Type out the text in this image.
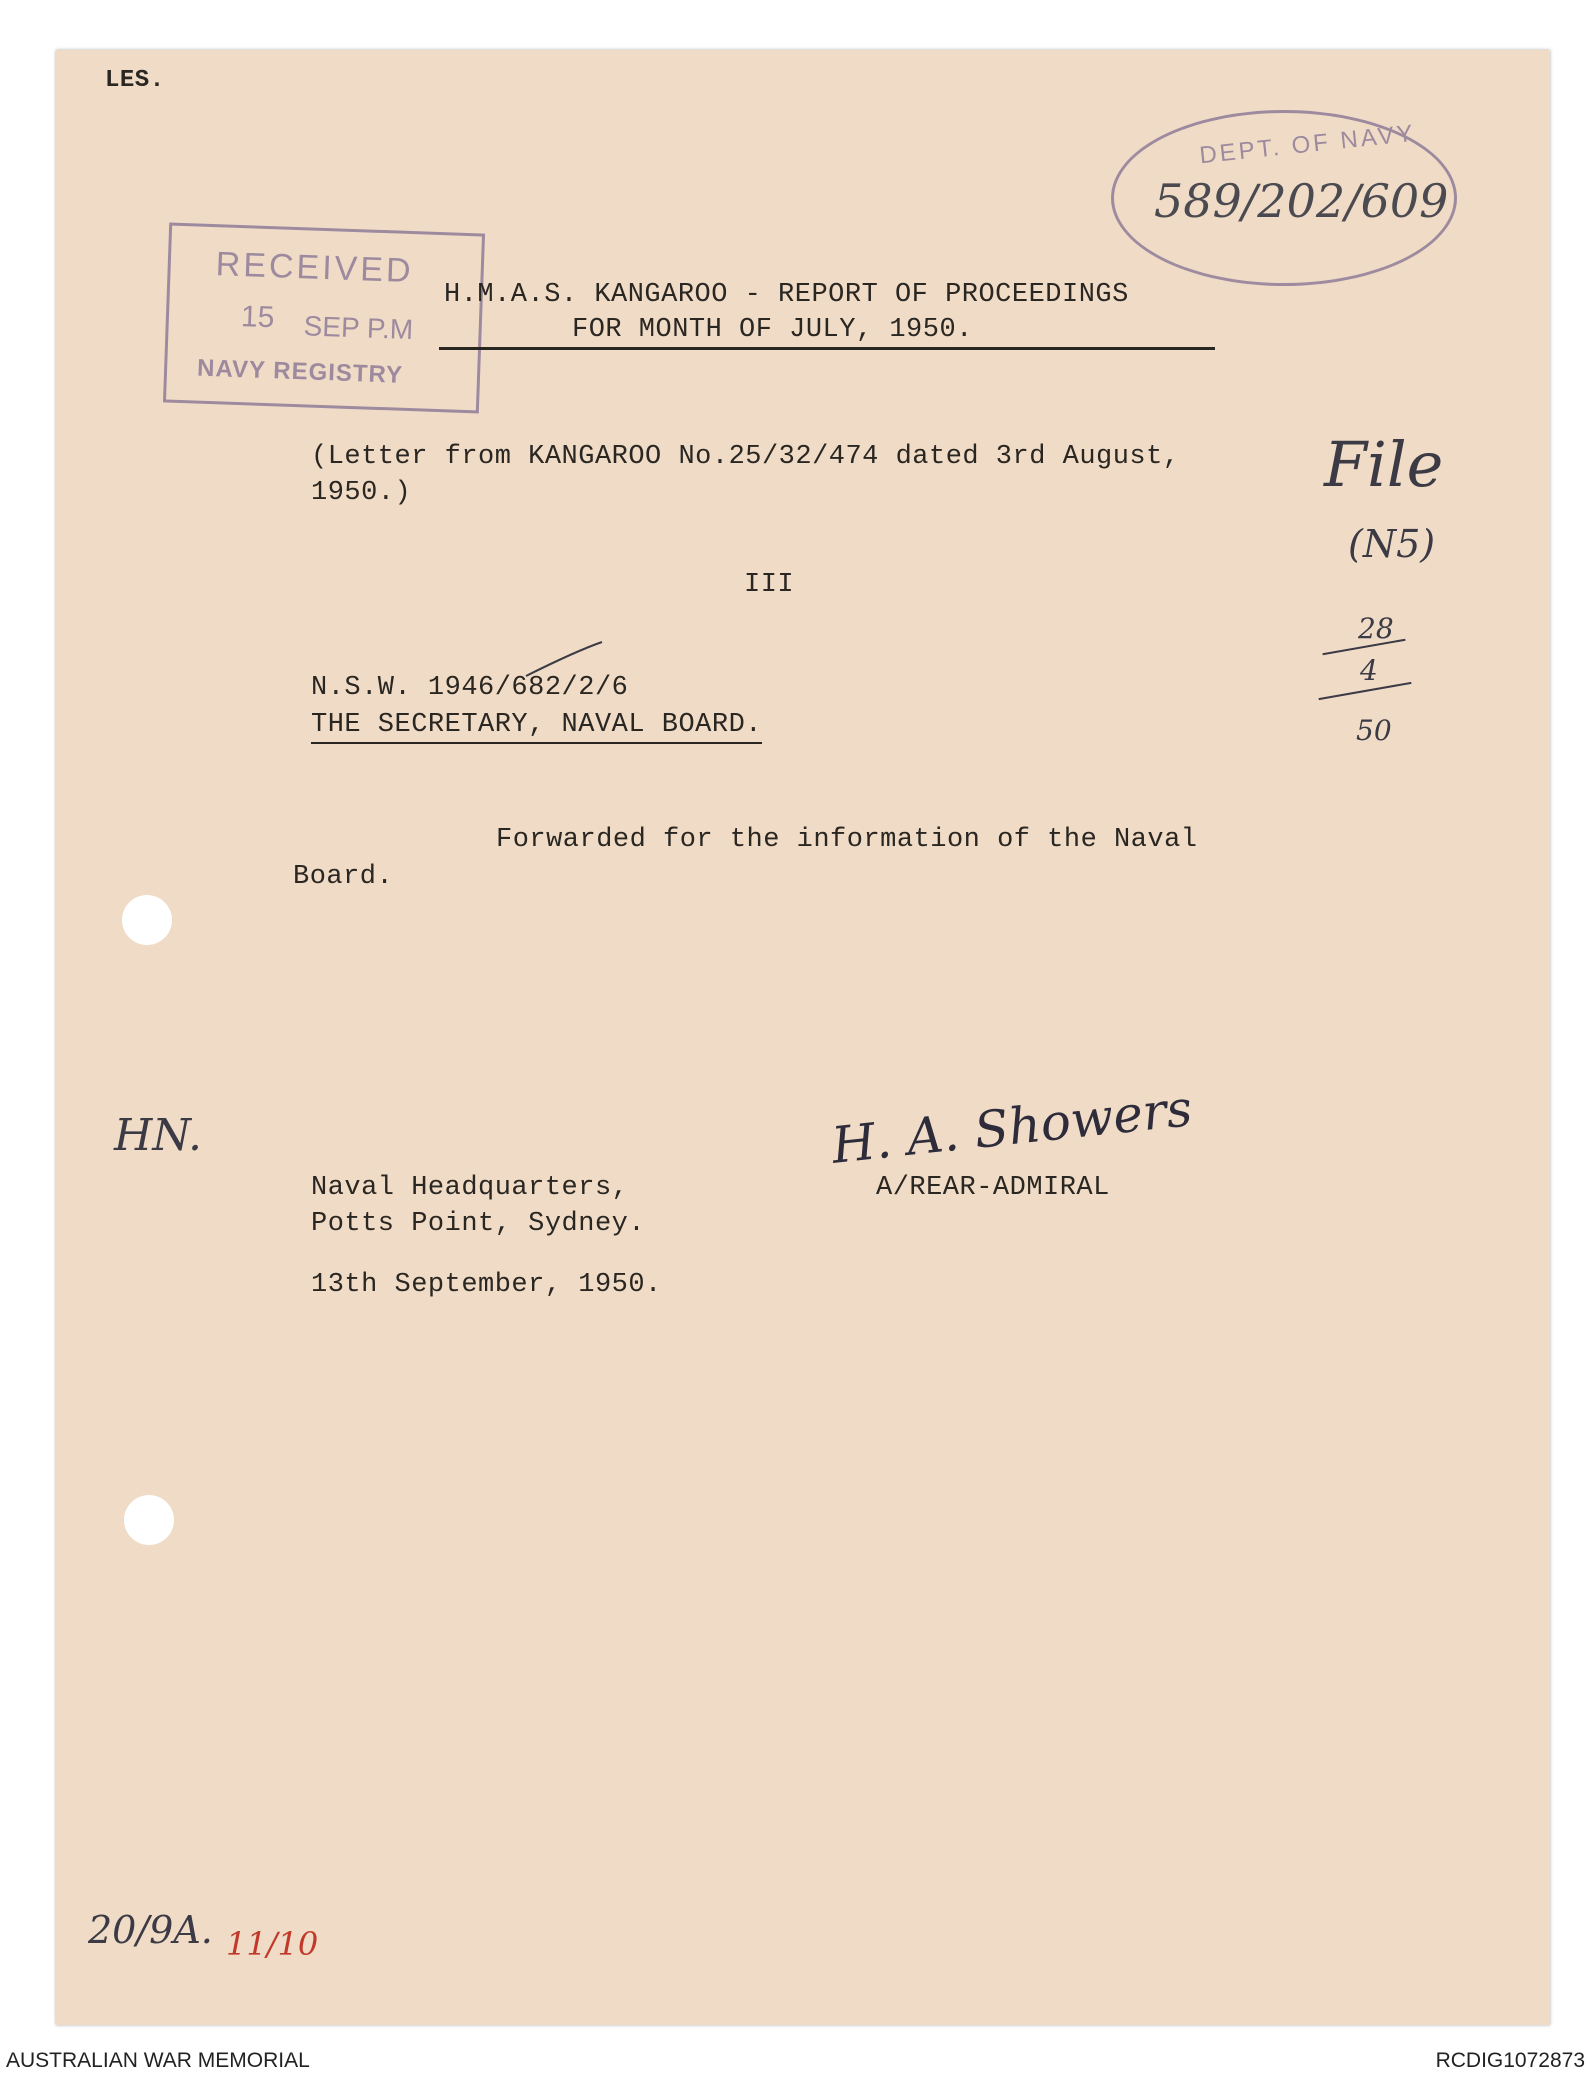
LES.
RECEIVED
15 SEP P.M
NAVY REGISTRY
DEPT. OF NAVY
589/202/609
H.M.A.S. KANGAROO - REPORT OF PROCEEDINGS
FOR MONTH OF JULY, 1950.
(Letter from KANGAROO No.25/32/474 dated 3rd August,
1950.)
III
N.S.W. 1946/682/2/6
THE SECRETARY, NAVAL BOARD.
Forwarded for the information of the Naval
Board.
File
(N5)
28
4
50
HN.	H. A. Showers
A/REAR-ADMIRAL
Naval Headquarters,
Potts Point, Sydney.
13th September, 1950.
20/9A. 11/10
AUSTRALIAN WAR MEMORIAL	RCDIG1072873
